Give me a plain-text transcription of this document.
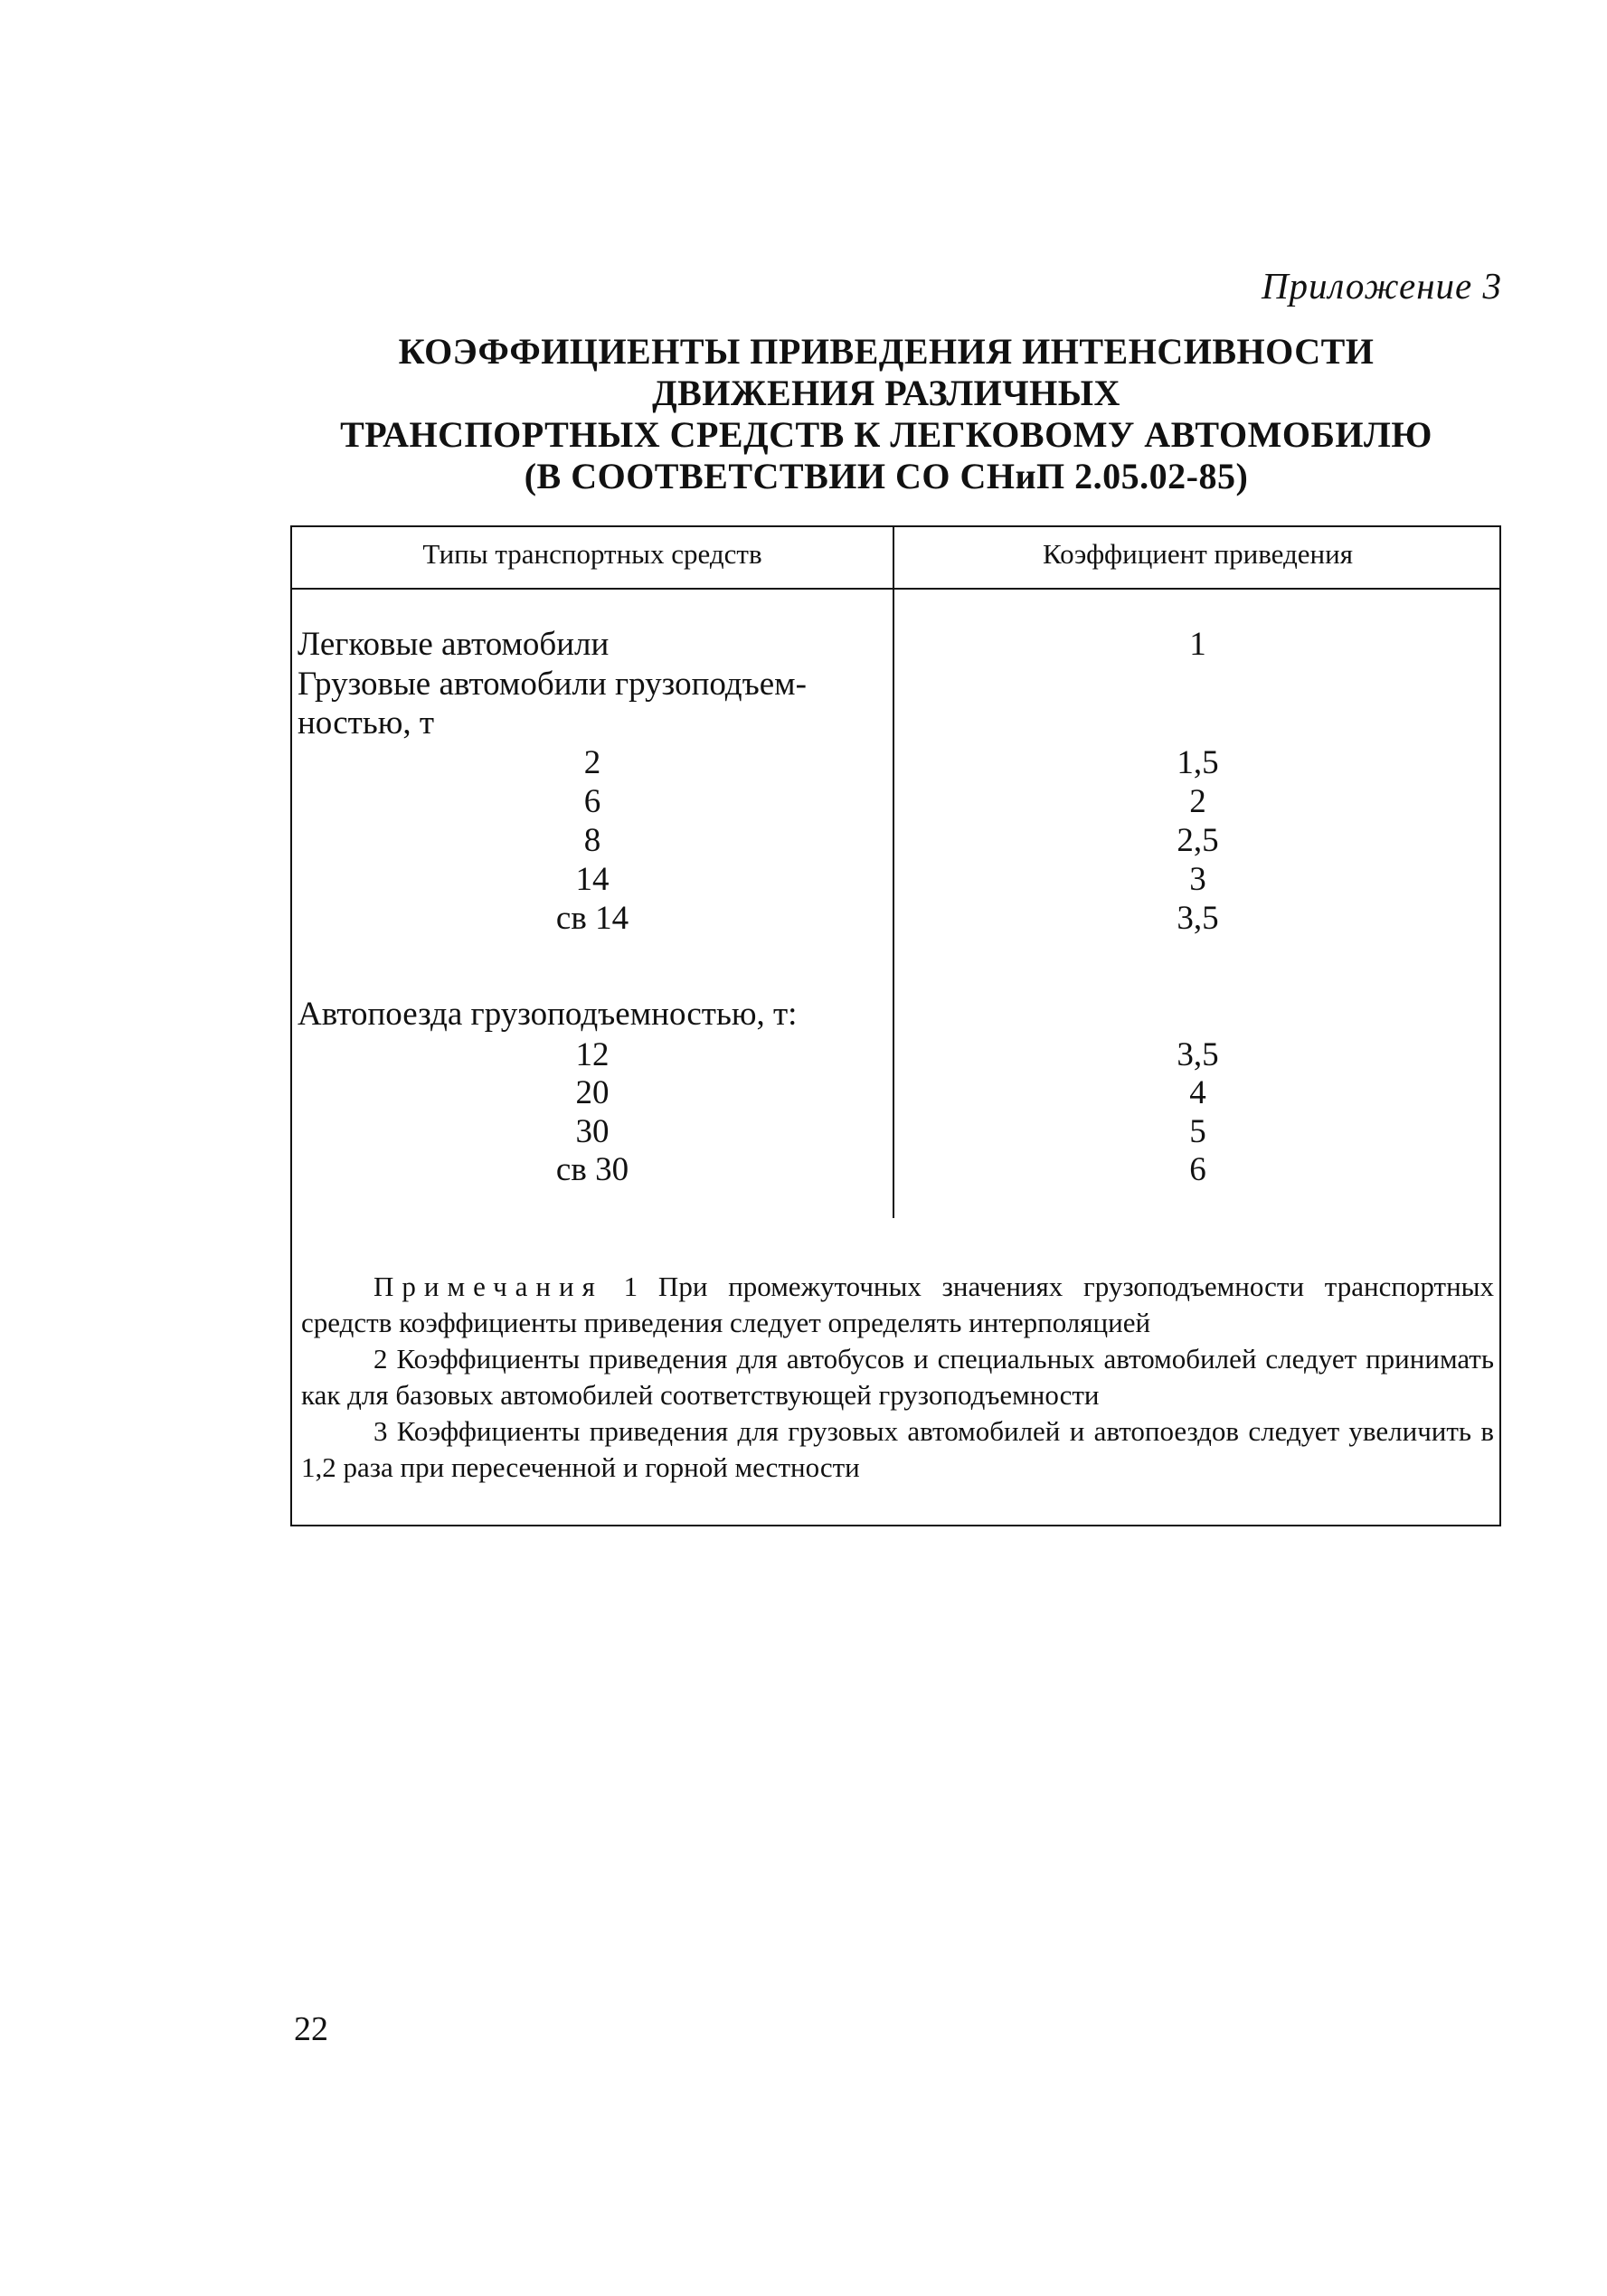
Приложение 3
КОЭФФИЦИЕНТЫ ПРИВЕДЕНИЯ ИНТЕНСИВНОСТИ
ДВИЖЕНИЯ РАЗЛИЧНЫХ
ТРАНСПОРТНЫХ СРЕДСТВ К ЛЕГКОВОМУ АВТОМОБИЛЮ
(В СООТВЕТСТВИИ СО СНиП 2.05.02-85)
Типы транспортных средств	Коэффициент приведения
Легковые автомобили	1
Грузовые автомобили грузоподъем-
ностью, т
2	1,5
6	2
8	2,5
14	3
св 14	3,5
Автопоезда грузоподъемностью, т:
12	3,5
20	4
30	5
св 30	6

Примечания 1 При промежуточных значениях грузоподъемности транспортных средств коэффициенты приведения следует определять интерполяцией

2 Коэффициенты приведения для автобусов и специальных автомобилей следует принимать как для базовых автомобилей соответствующей грузоподъемности

3 Коэффициенты приведения для грузовых автомобилей и автопоездов следует увеличить в 1,2 раза при пересеченной и горной местности

22
